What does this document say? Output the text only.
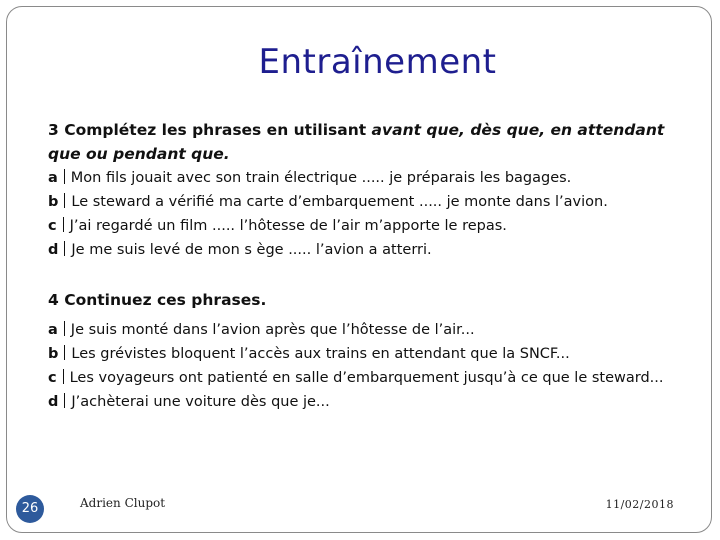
Entraînement
3 Complétez les phrases en utilisant avant que, dès que, en attendant que ou pendant que.
a Mon fils jouait avec son train électrique ..... je préparais les bagages.
b Le steward a vérifié ma carte d’embarquement ..... je monte dans l’avion.
c J’ai regardé un film ..... l’hôtesse de l’air m’apporte le repas.
d Je me suis levé de mon s ège ..... l’avion a atterri.
4 Continuez ces phrases.
a Je suis monté dans l’avion après que l’hôtesse de l’air...
b Les grévistes bloquent l’accès aux trains en attendant que la SNCF...
c Les voyageurs ont patienté en salle d’embarquement jusqu’à ce que le steward...
d J’achèterai une voiture dès que je...
26	Adrien Clupot	11/02/2018
